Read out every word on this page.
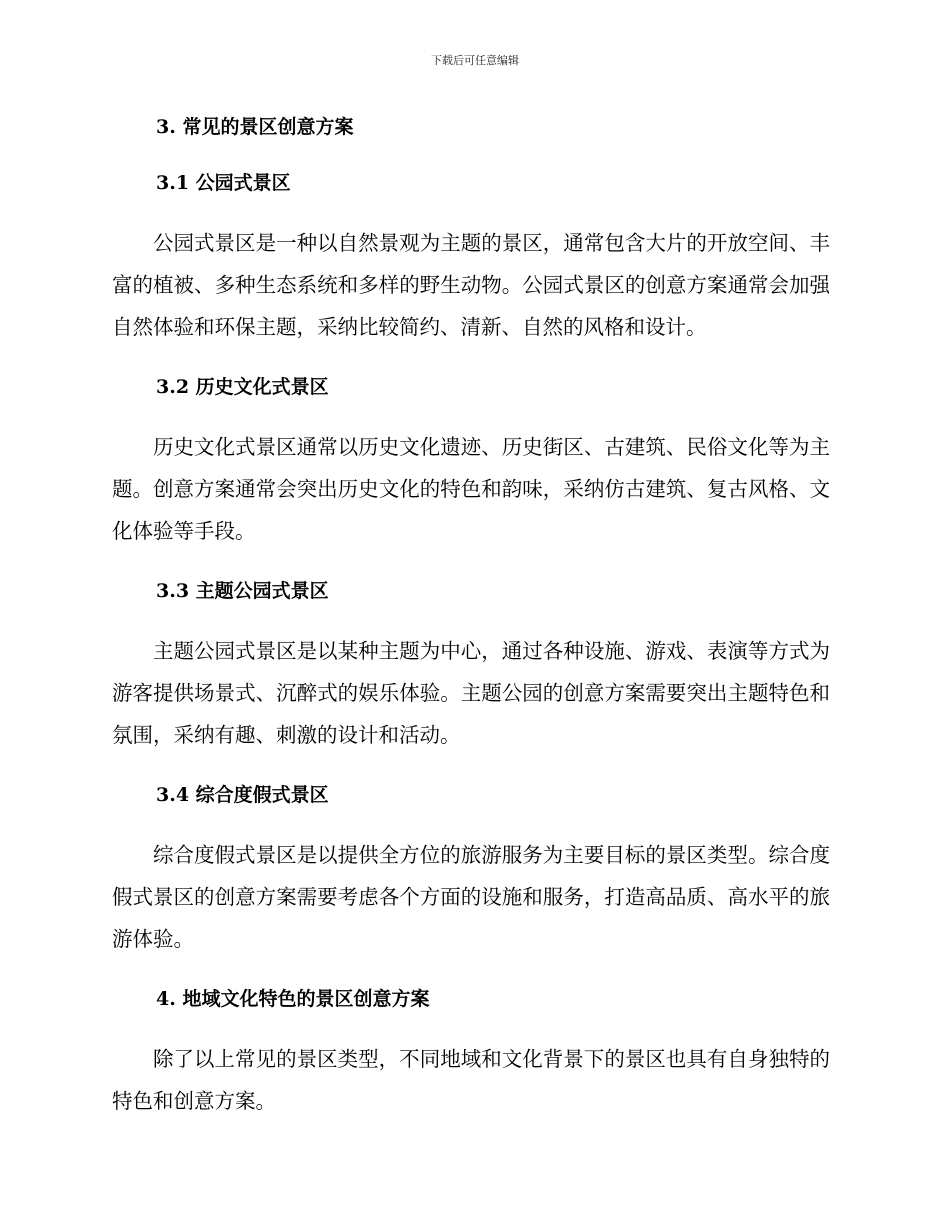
下载后可任意编辑
3. 常见的景区创意方案
3.1 公园式景区

公园式景区是一种以自然景观为主题的景区，通常包含大片的开放空间、丰富的植被、多种生态系统和多样的野生动物。公园式景区的创意方案通常会加强自然体验和环保主题，采纳比较简约、清新、自然的风格和设计。

3.2 历史文化式景区

历史文化式景区通常以历史文化遗迹、历史街区、古建筑、民俗文化等为主题。创意方案通常会突出历史文化的特色和韵味，采纳仿古建筑、复古风格、文化体验等手段。

3.3 主题公园式景区

主题公园式景区是以某种主题为中心，通过各种设施、游戏、表演等方式为游客提供场景式、沉醉式的娱乐体验。主题公园的创意方案需要突出主题特色和氛围，采纳有趣、刺激的设计和活动。

3.4 综合度假式景区

综合度假式景区是以提供全方位的旅游服务为主要目标的景区类型。综合度假式景区的创意方案需要考虑各个方面的设施和服务，打造高品质、高水平的旅游体验。

4. 地域文化特色的景区创意方案

除了以上常见的景区类型，不同地域和文化背景下的景区也具有自身独特的特色和创意方案。
